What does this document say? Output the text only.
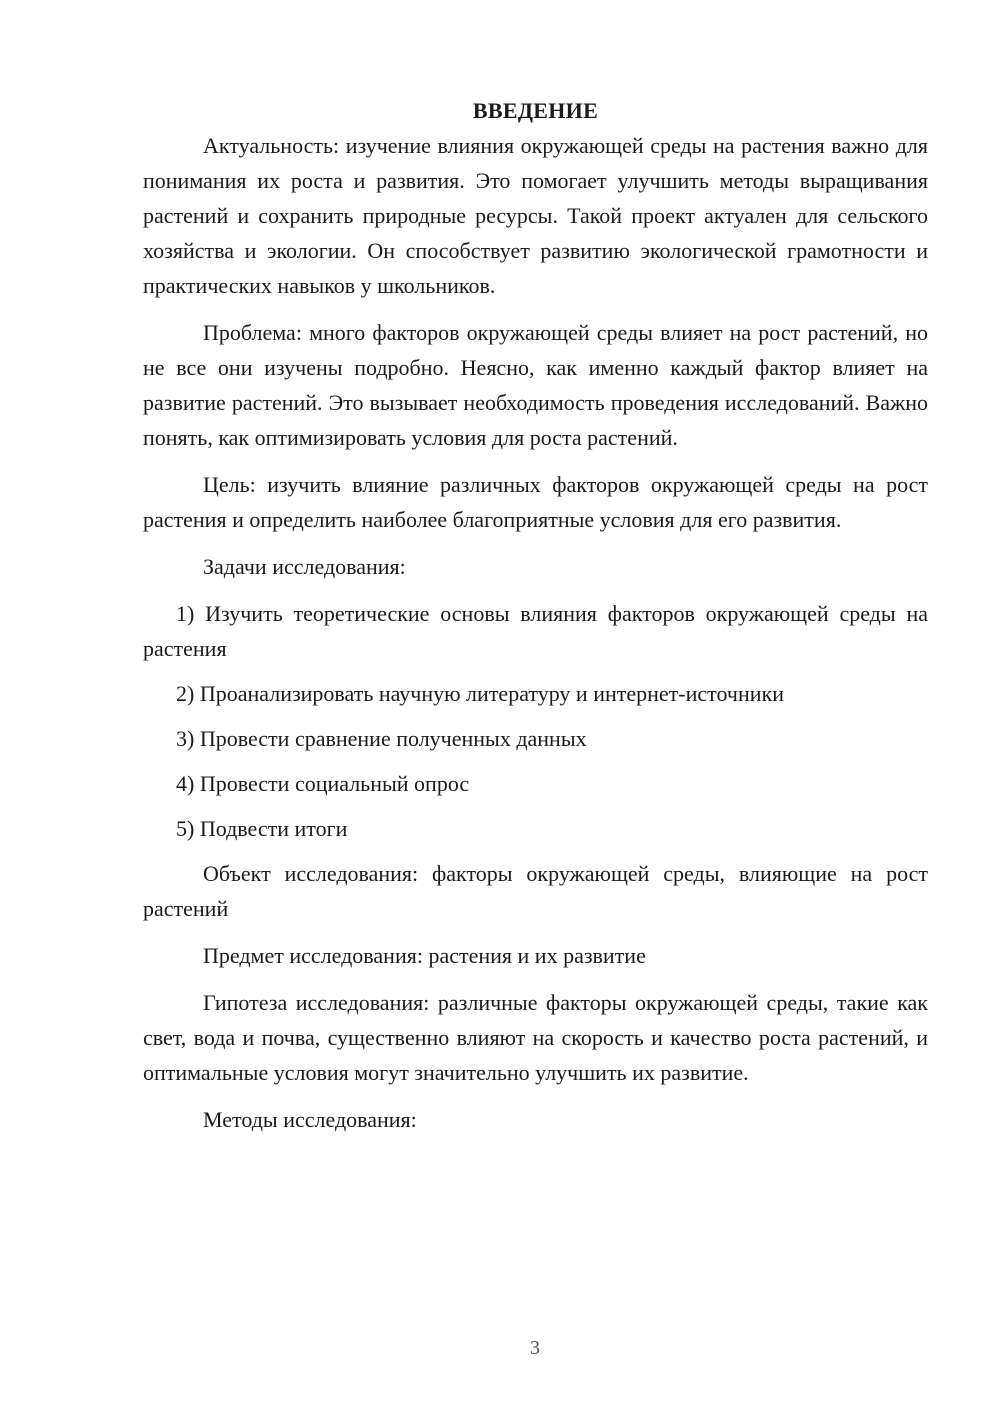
ВВЕДЕНИЕ

Актуальность: изучение влияния окружающей среды на растения важно для понимания их роста и развития. Это помогает улучшить методы выращивания растений и сохранить природные ресурсы. Такой проект актуален для сельского хозяйства и экологии. Он способствует развитию экологической грамотности и практических навыков у школьников.

Проблема: много факторов окружающей среды влияет на рост растений, но не все они изучены подробно. Неясно, как именно каждый фактор влияет на развитие растений. Это вызывает необходимость проведения исследований. Важно понять, как оптимизировать условия для роста растений.

Цель: изучить влияние различных факторов окружающей среды на рост растения и определить наиболее благоприятные условия для его развития.

Задачи исследования:

1) Изучить теоретические основы влияния факторов окружающей среды на растения

2) Проанализировать научную литературу и интернет-источники

3) Провести сравнение полученных данных

4) Провести социальный опрос

5) Подвести итоги

Объект исследования: факторы окружающей среды, влияющие на рост растений

Предмет исследования: растения и их развитие

Гипотеза исследования: различные факторы окружающей среды, такие как свет, вода и почва, существенно влияют на скорость и качество роста растений, и оптимальные условия могут значительно улучшить их развитие.

Методы исследования:

3
